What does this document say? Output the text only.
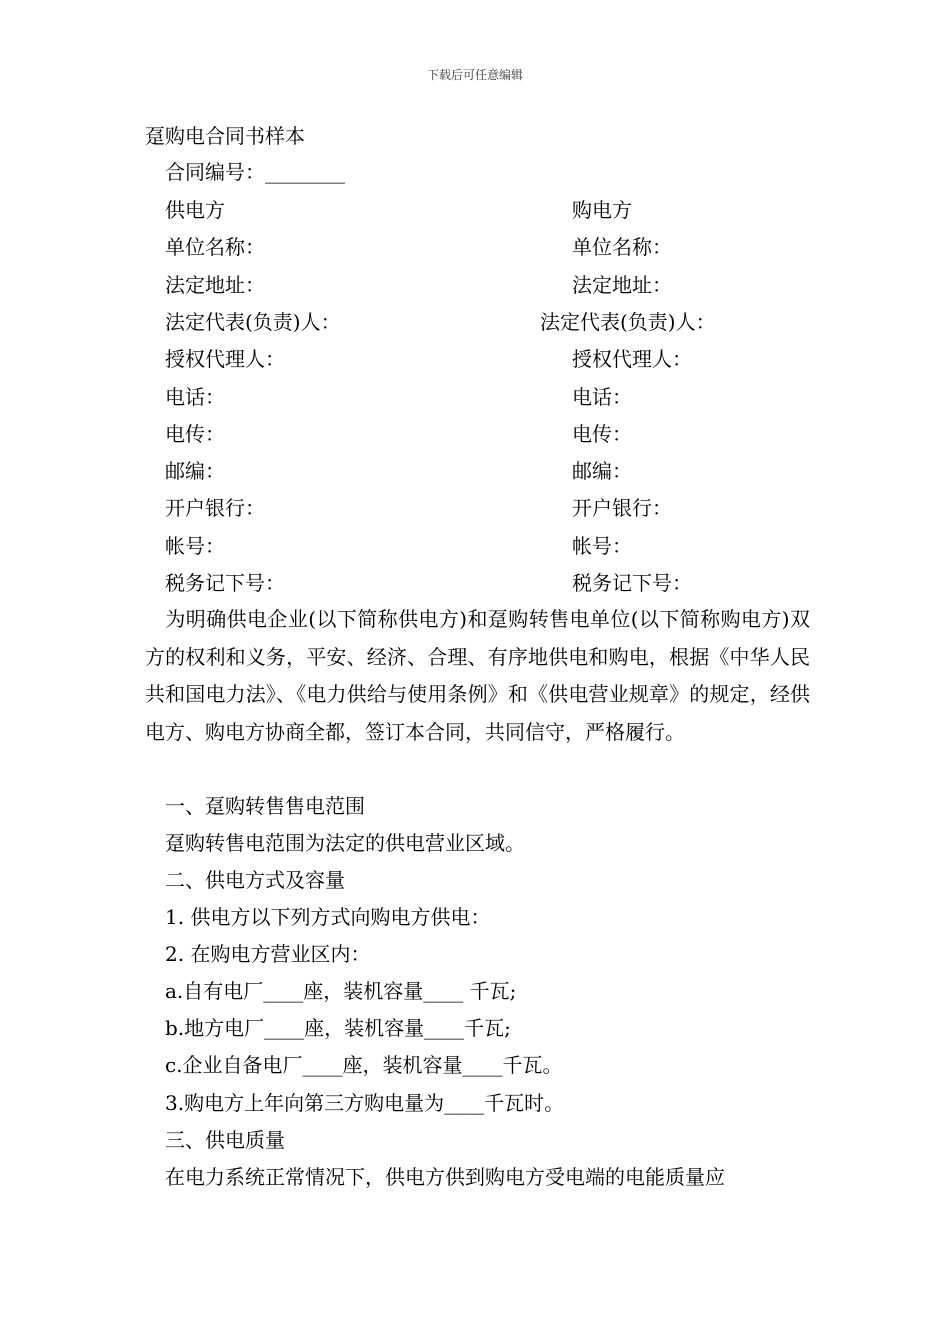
下载后可任意编辑
趸购电合同书样本
合同编号：________
供电方
单位名称：
法定地址：
法定代表(负责)人：
授权代理人：
电话：
电传：
邮编：
开户银行：
帐号：
税务记下号：
购电方
单位名称：
法定地址：
法定代表(负责)人：
授权代理人：
电话：
电传：
邮编：
开户银行：
帐号：
税务记下号：
为明确供电企业(以下简称供电方)和趸购转售电单位(以下简称购电方)双方的权利和义务，平安、经济、合理、有序地供电和购电，根据《中华人民共和国电力法》、《电力供给与使用条例》和《供电营业规章》的规定，经供电方、购电方协商全都，签订本合同，共同信守，严格履行。
一、趸购转售售电范围
趸购转售电范围为法定的供电营业区域。
二、供电方式及容量
1. 供电方以下列方式向购电方供电：
2. 在购电方营业区内：
a.自有电厂____座，装机容量____ 千瓦;
b.地方电厂____座，装机容量____千瓦;
c.企业自备电厂____座，装机容量____千瓦。
3.购电方上年向第三方购电量为____千瓦时。
三、供电质量
在电力系统正常情况下，供电方供到购电方受电端的电能质量应
